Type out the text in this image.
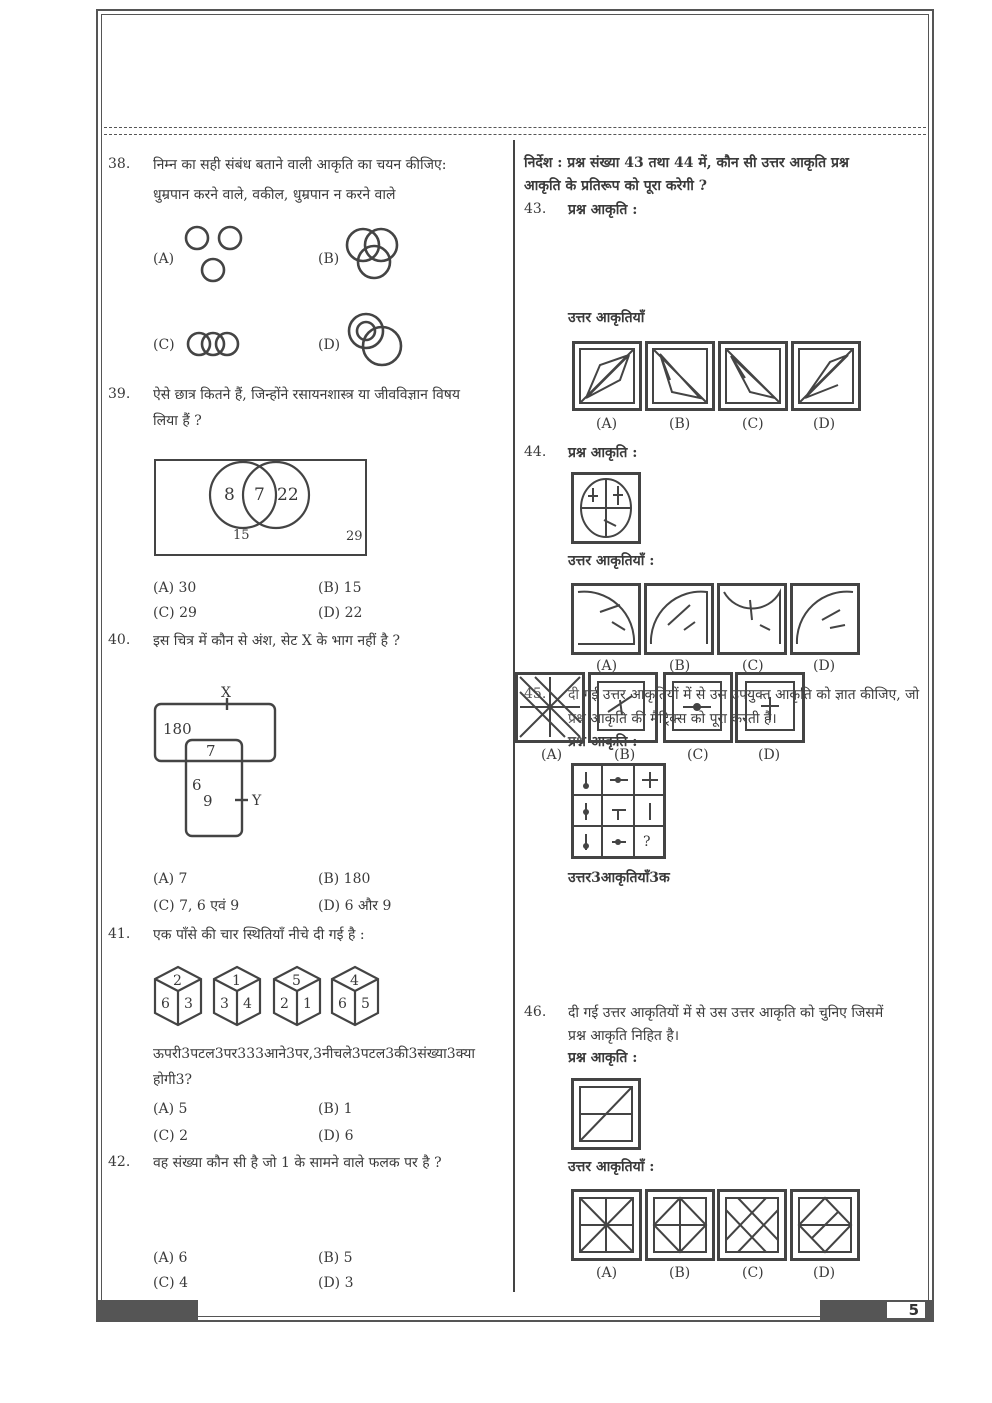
5
38. निम्न का सही संबंध बताने वाली आकृति का चयन कीजिए:
धुम्रपान करने वाले, वकील, धुम्रपान न करने वाले
(A)	(B)
(C)	(D)
39. ऐसे छात्र कितने हैं, जिन्होंने रसायनशास्त्र या जीवविज्ञान विषय
लिया हैं ?
8 7 22
15	29
(A) 30	(B) 15
(C) 29	(D) 22
40. इस चित्र में कौन से अंश, सेट X के भाग नहीं है ?
X
Y
180
7
6
9
(A) 7	(B) 180
(C) 7, 6 एवं 9	(D) 6 और 9
41. एक पाँसे की चार स्थितियाँ नीचे दी गई है :
2
6 3
1
3 4
5
2 1
4
6 5
ऊपरी3पटल3पर333आने3पर,3नीचले3पटल3की3संख्या3क्या
होगी3?
(A) 5	(B) 1
(C) 2	(D) 6
42. वह संख्या कौन सी है जो 1 के सामने वाले फलक पर है ?
(A) 6	(B) 5
(C) 4	(D) 3
निर्देश : प्रश्न संख्या 43 तथा 44 में, कौन सी उत्तर आकृति प्रश्न
आकृति के प्रतिरूप को पूरा करेगी ?
43. प्रश्न आकृति :
उत्तर आकृतियाँ
(A)	(B)	(C)	(D)
44. प्रश्न आकृति :
उत्तर आकृतियाँ :
(A)	(B)	(C)	(D)
45. दी गई उत्तर आकृतियों में से उस उपयुक्त आकृति को ज्ञात कीजिए, जो
प्रश्न आकृति की मैट्रिक्स को पूरा करती है।
प्रश्न आकृति :
(A)	(B)	(C)	(D)
?
उत्तर3आकृतियाँ3क
46. दी गई उत्तर आकृतियों में से उस उत्तर आकृति को चुनिए जिसमें
प्रश्न आकृति निहित है।
प्रश्न आकृति :
उत्तर आकृतियाँ :
(A)	(B)	(C)	(D)
